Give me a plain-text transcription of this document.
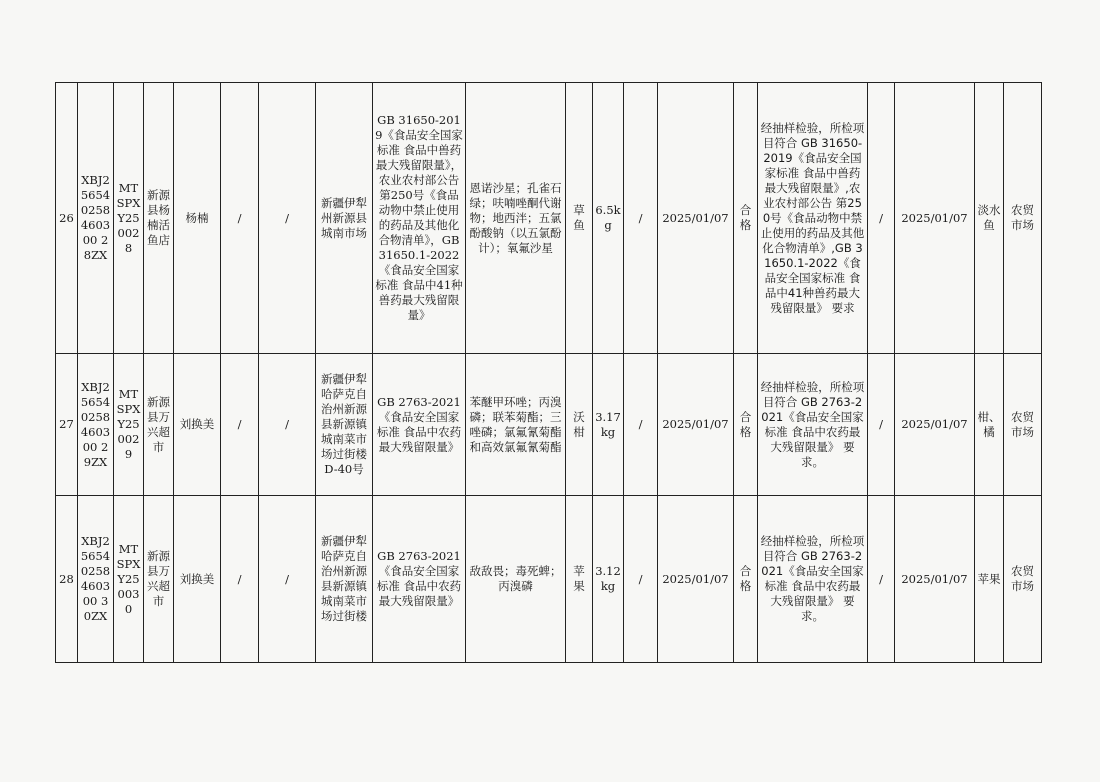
26	XBJ256540258460300 28ZX	MTSPXY250028	新源县杨楠活鱼店	杨楠	/	/	新疆伊犁州新源县城南市场	GB 31650-2019《食品安全国家标准 食品中兽药最大残留限量》，农业农村部公告 第250号《食品动物中禁止使用的药品及其他化合物清单》，GB 31650.1-2022《食品安全国家标准 食品中41种兽药最大残留限量》	恩诺沙星；孔雀石绿；呋喃唑酮代谢物；地西泮；五氯酚酸钠（以五氯酚计）；氧氟沙星	草鱼	6.5kg	/	2025/01/07	合格	经抽样检验，所检项目符合 GB 31650-2019《食品安全国家标准 食品中兽药最大残留限量》,农业农村部公告 第250号《食品动物中禁止使用的药品及其他化合物清单》,GB 31650.1-2022《食品安全国家标准 食品中41种兽药最大残留限量》 要求	/	2025/01/07	淡水鱼	农贸市场
27	XBJ256540258460300 29ZX	MTSPXY250029	新源县万兴超市	刘换美	/	/	新疆伊犁哈萨克自治州新源县新源镇城南菜市场过街楼D-40号	GB 2763-2021《食品安全国家标准 食品中农药最大残留限量》	苯醚甲环唑；丙溴磷；联苯菊酯；三唑磷；氯氟氰菊酯和高效氯氟氰菊酯	沃柑	3.17kg	/	2025/01/07	合格	经抽样检验，所检项目符合 GB 2763-2021《食品安全国家标准 食品中农药最大残留限量》 要求。	/	2025/01/07	柑、橘	农贸市场
28	XBJ256540258460300 30ZX	MTSPXY250030	新源县万兴超市	刘换美	/	/	新疆伊犁哈萨克自治州新源县新源镇城南菜市场过街楼	GB 2763-2021《食品安全国家标准 食品中农药最大残留限量》	敌敌畏；毒死蜱；丙溴磷	苹果	3.12kg	/	2025/01/07	合格	经抽样检验，所检项目符合 GB 2763-2021《食品安全国家标准 食品中农药最大残留限量》 要求。	/	2025/01/07	苹果	农贸市场
